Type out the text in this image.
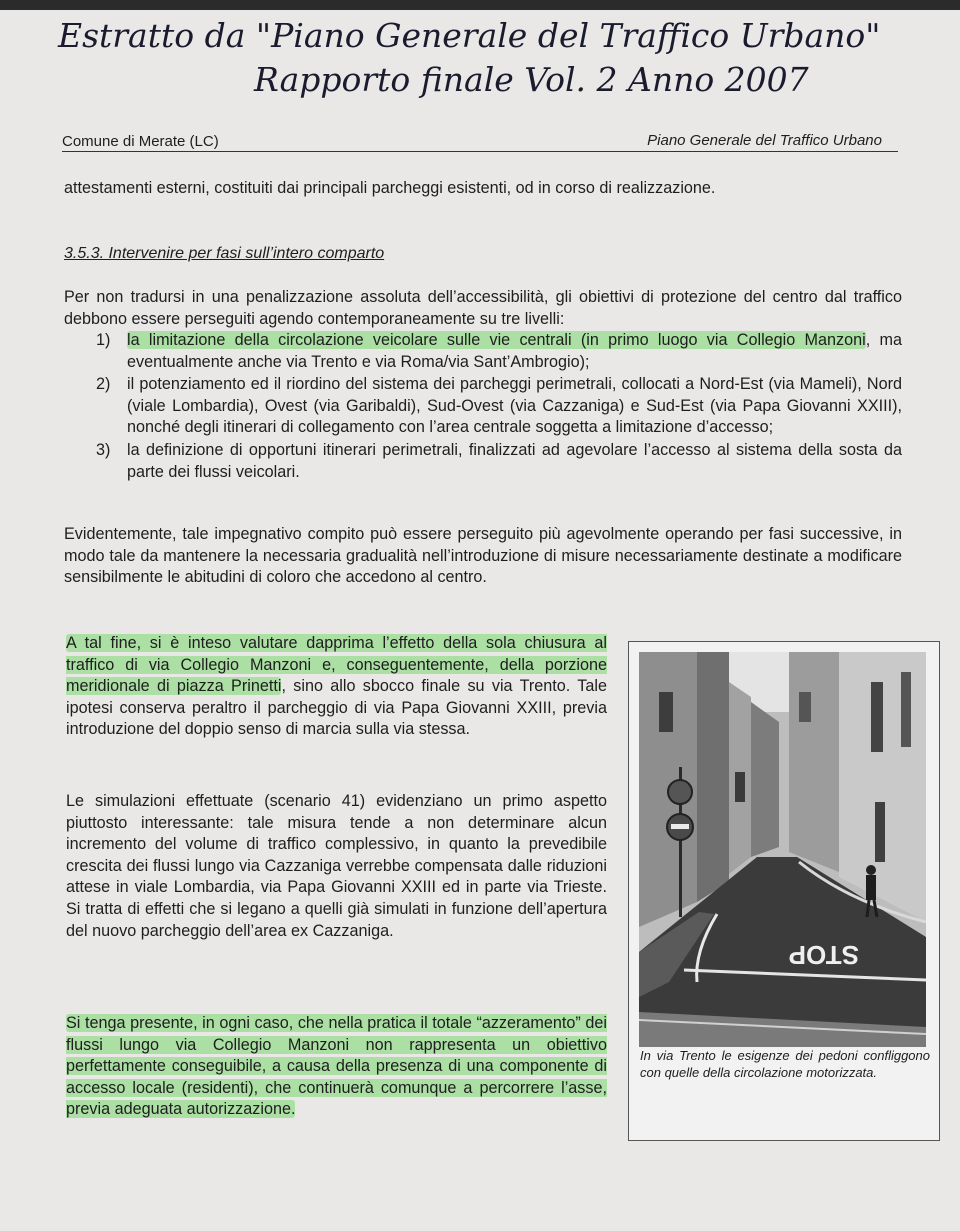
Estratto da "Piano Generale del Traffico Urbano"
Rapporto finale Vol. 2 Anno 2007
Comune di Merate (LC)	Piano Generale del Traffico Urbano
attestamenti esterni, costituiti dai principali parcheggi esistenti, od in corso di realizzazione.
3.5.3. Intervenire per fasi sull’intero comparto
Per non tradursi in una penalizzazione assoluta dell’accessibilità, gli obiettivi di protezione del centro dal traffico debbono essere perseguiti agendo contemporaneamente su tre livelli:
1) la limitazione della circolazione veicolare sulle vie centrali (in primo luogo via Collegio Manzoni, ma eventualmente anche via Trento e via Roma/via Sant’Ambrogio);
2) il potenziamento ed il riordino del sistema dei parcheggi perimetrali, collocati a Nord-Est (via Mameli), Nord (viale Lombardia), Ovest (via Garibaldi), Sud-Ovest (via Cazzaniga) e Sud-Est (via Papa Giovanni XXIII), nonché degli itinerari di collegamento con l’area centrale soggetta a limitazione d’accesso;
3) la definizione di opportuni itinerari perimetrali, finalizzati ad agevolare l’accesso al sistema della sosta da parte dei flussi veicolari.
Evidentemente, tale impegnativo compito può essere perseguito più agevolmente operando per fasi successive, in modo tale da mantenere la necessaria gradualità nell’introduzione di misure necessariamente destinate a modificare sensibilmente le abitudini di coloro che accedono al centro.
A tal fine, si è inteso valutare dapprima l’effetto della sola chiusura al traffico di via Collegio Manzoni e, conseguentemente, della porzione meridionale di piazza Prinetti, sino allo sbocco finale su via Trento. Tale ipotesi conserva peraltro il parcheggio di via Papa Giovanni XXIII, previa introduzione del doppio senso di marcia sulla via stessa.
Le simulazioni effettuate (scenario 41) evidenziano un primo aspetto piuttosto interessante: tale misura tende a non determinare alcun incremento del volume di traffico complessivo, in quanto la prevedibile crescita dei flussi lungo via Cazzaniga verrebbe compensata dalle riduzioni attese in viale Lombardia, via Papa Giovanni XXIII ed in parte via Trieste. Si tratta di effetti che si legano a quelli già simulati in funzione dell’apertura del nuovo parcheggio dell’area ex Cazzaniga.
Si tenga presente, in ogni caso, che nella pratica il totale “azzeramento” dei flussi lungo via Collegio Manzoni non rappresenta un obiettivo perfettamente conseguibile, a causa della presenza di una componente di accesso locale (residenti), che continuerà comunque a percorrere l’asse, previa adeguata autorizzazione.
STOP
In via Trento le esigenze dei pedoni confliggono con quelle della circolazione motorizzata.
